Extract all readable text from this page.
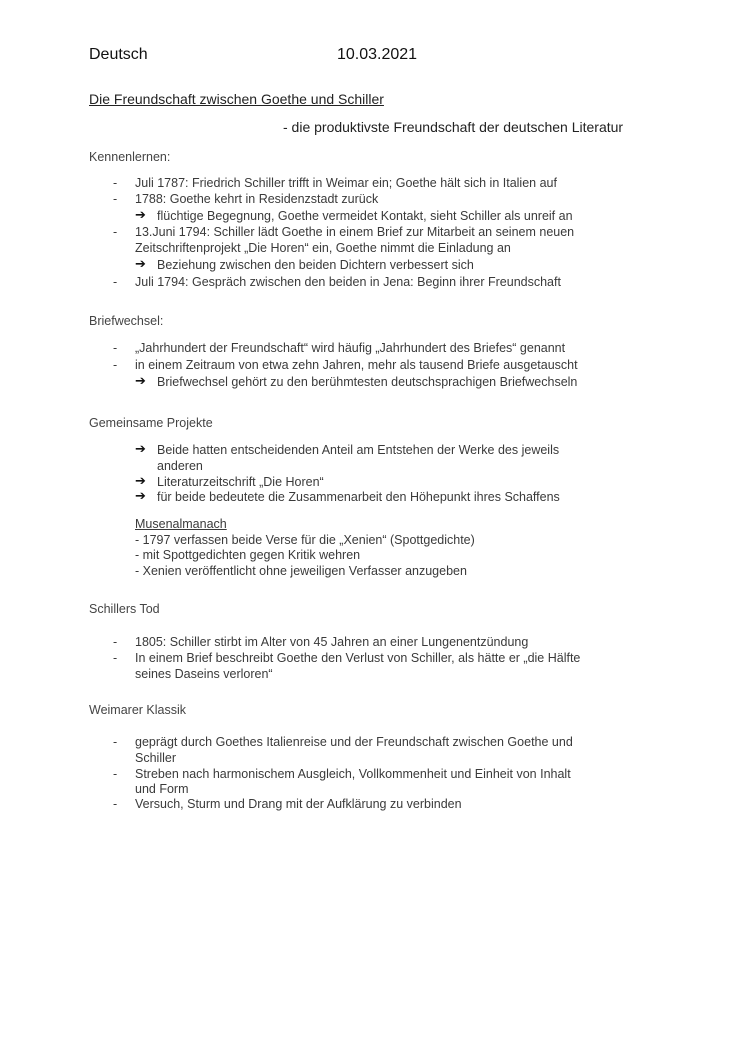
Deutsch	10.03.2021
Die Freundschaft zwischen Goethe und Schiller
- die produktivste Freundschaft der deutschen Literatur
Kennenlernen:
- Juli 1787: Friedrich Schiller trifft in Weimar ein; Goethe hält sich in Italien auf
- 1788: Goethe kehrt in Residenzstadt zurück
➔ flüchtige Begegnung, Goethe vermeidet Kontakt, sieht Schiller als unreif an
- 13.Juni 1794: Schiller lädt Goethe in einem Brief zur Mitarbeit an seinem neuen
Zeitschriftenprojekt „Die Horen“ ein, Goethe nimmt die Einladung an
➔ Beziehung zwischen den beiden Dichtern verbessert sich
- Juli 1794: Gespräch zwischen den beiden in Jena: Beginn ihrer Freundschaft
Briefwechsel:
- „Jahrhundert der Freundschaft“ wird häufig „Jahrhundert des Briefes“ genannt
- in einem Zeitraum von etwa zehn Jahren, mehr als tausend Briefe ausgetauscht
➔ Briefwechsel gehört zu den berühmtesten deutschsprachigen Briefwechseln
Gemeinsame Projekte
➔ Beide hatten entscheidenden Anteil am Entstehen der Werke des jeweils
anderen
➔ Literaturzeitschrift „Die Horen“
➔ für beide bedeutete die Zusammenarbeit den Höhepunkt ihres Schaffens
Musenalmanach
- 1797 verfassen beide Verse für die „Xenien“ (Spottgedichte)
- mit Spottgedichten gegen Kritik wehren
- Xenien veröffentlicht ohne jeweiligen Verfasser anzugeben
Schillers Tod
- 1805: Schiller stirbt im Alter von 45 Jahren an einer Lungenentzündung
- In einem Brief beschreibt Goethe den Verlust von Schiller, als hätte er „die Hälfte
seines Daseins verloren“
Weimarer Klassik
- geprägt durch Goethes Italienreise und der Freundschaft zwischen Goethe und
Schiller
- Streben nach harmonischem Ausgleich, Vollkommenheit und Einheit von Inhalt
und Form
- Versuch, Sturm und Drang mit der Aufklärung zu verbinden
